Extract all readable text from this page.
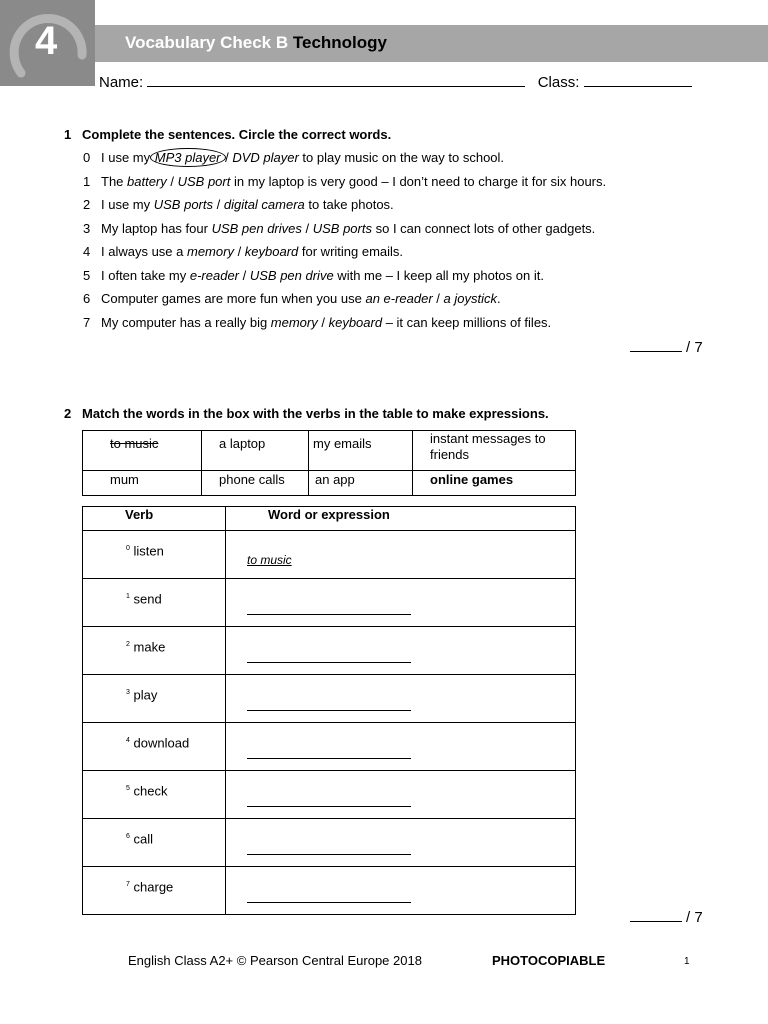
4	Vocabulary Check B Technology
Name:	Class:
1 Complete the sentences. Circle the correct words.
0 I use my MP3 player / DVD player to play music on the way to school.
1 The battery / USB port in my laptop is very good – I don’t need to charge it for six hours.
2 I use my USB ports / digital camera to take photos.
3 My laptop has four USB pen drives / USB ports so I can connect lots of other gadgets.
4 I always use a memory / keyboard for writing emails.
5 I often take my e-reader / USB pen drive with me – I keep all my photos on it.
6 Computer games are more fun when you use an e-reader / a joystick.
7 My computer has a really big memory / keyboard – it can keep millions of files.
/ 7
2 Match the words in the box with the verbs in the table to make expressions.
to music	a laptop	my emails	instant messages to friends

mum	phone calls	an app	online games
Verb	Word or expression

$^0$ listen	to music

$^1$ send	

$^2$ make	

$^3$ play	

$^4$ download	

$^5$ check	

$^6$ call	

$^7$ charge	

/ 7
English Class A2+ © Pearson Central Europe 2018	PHOTOCOPIABLE	1
